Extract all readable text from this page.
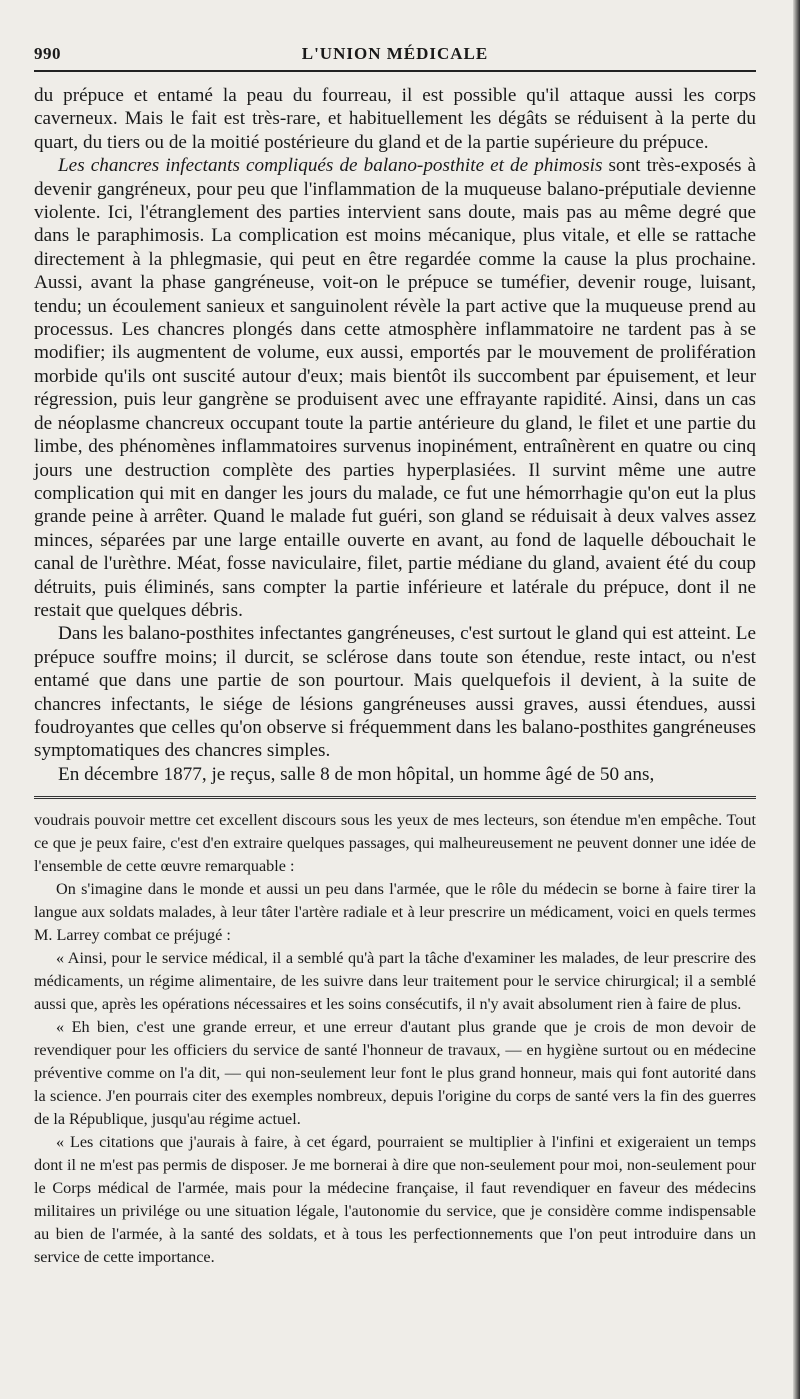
990	L'UNION MÉDICALE

du prépuce et entamé la peau du fourreau, il est possible qu'il attaque aussi les corps caverneux. Mais le fait est très-rare, et habituellement les dégâts se réduisent à la perte du quart, du tiers ou de la moitié postérieure du gland et de la partie supérieure du prépuce.

Les chancres infectants compliqués de balano-posthite et de phimosis sont très-exposés à devenir gangréneux, pour peu que l'inflammation de la muqueuse balano-préputiale devienne violente. Ici, l'étranglement des parties intervient sans doute, mais pas au même degré que dans le paraphimosis. La complication est moins mécanique, plus vitale, et elle se rattache directement à la phlegmasie, qui peut en être regardée comme la cause la plus prochaine. Aussi, avant la phase gangréneuse, voit-on le prépuce se tuméfier, devenir rouge, luisant, tendu; un écoulement sanieux et sanguinolent révèle la part active que la muqueuse prend au processus. Les chancres plongés dans cette atmosphère inflammatoire ne tardent pas à se modifier; ils augmentent de volume, eux aussi, emportés par le mouvement de prolifération morbide qu'ils ont suscité autour d'eux; mais bientôt ils succombent par épuisement, et leur régression, puis leur gangrène se produisent avec une effrayante rapidité. Ainsi, dans un cas de néoplasme chancreux occupant toute la partie antérieure du gland, le filet et une partie du limbe, des phénomènes inflammatoires survenus inopinément, entraînèrent en quatre ou cinq jours une destruction complète des parties hyperplasiées. Il survint même une autre complication qui mit en danger les jours du malade, ce fut une hémorrhagie qu'on eut la plus grande peine à arrêter. Quand le malade fut guéri, son gland se réduisait à deux valves assez minces, séparées par une large entaille ouverte en avant, au fond de laquelle débouchait le canal de l'urèthre. Méat, fosse naviculaire, filet, partie médiane du gland, avaient été du coup détruits, puis éliminés, sans compter la partie inférieure et latérale du prépuce, dont il ne restait que quelques débris.

Dans les balano-posthites infectantes gangréneuses, c'est surtout le gland qui est atteint. Le prépuce souffre moins; il durcit, se sclérose dans toute son étendue, reste intact, ou n'est entamé que dans une partie de son pourtour. Mais quelquefois il devient, à la suite de chancres infectants, le siége de lésions gangréneuses aussi graves, aussi étendues, aussi foudroyantes que celles qu'on observe si fréquemment dans les balano-posthites gangréneuses symptomatiques des chancres simples.

En décembre 1877, je reçus, salle 8 de mon hôpital, un homme âgé de 50 ans,

voudrais pouvoir mettre cet excellent discours sous les yeux de mes lecteurs, son étendue m'en empêche. Tout ce que je peux faire, c'est d'en extraire quelques passages, qui malheureusement ne peuvent donner une idée de l'ensemble de cette œuvre remarquable :

On s'imagine dans le monde et aussi un peu dans l'armée, que le rôle du médecin se borne à faire tirer la langue aux soldats malades, à leur tâter l'artère radiale et à leur prescrire un médicament, voici en quels termes M. Larrey combat ce préjugé :

« Ainsi, pour le service médical, il a semblé qu'à part la tâche d'examiner les malades, de leur prescrire des médicaments, un régime alimentaire, de les suivre dans leur traitement pour le service chirurgical; il a semblé aussi que, après les opérations nécessaires et les soins consécutifs, il n'y avait absolument rien à faire de plus.

« Eh bien, c'est une grande erreur, et une erreur d'autant plus grande que je crois de mon devoir de revendiquer pour les officiers du service de santé l'honneur de travaux, — en hygiène surtout ou en médecine préventive comme on l'a dit, — qui non-seulement leur font le plus grand honneur, mais qui font autorité dans la science. J'en pourrais citer des exemples nombreux, depuis l'origine du corps de santé vers la fin des guerres de la République, jusqu'au régime actuel.

« Les citations que j'aurais à faire, à cet égard, pourraient se multiplier à l'infini et exigeraient un temps dont il ne m'est pas permis de disposer. Je me bornerai à dire que non-seulement pour moi, non-seulement pour le Corps médical de l'armée, mais pour la médecine française, il faut revendiquer en faveur des médecins militaires un privilége ou une situation légale, l'autonomie du service, que je considère comme indispensable au bien de l'armée, à la santé des soldats, et à tous les perfectionnements que l'on peut introduire dans un service de cette importance.
